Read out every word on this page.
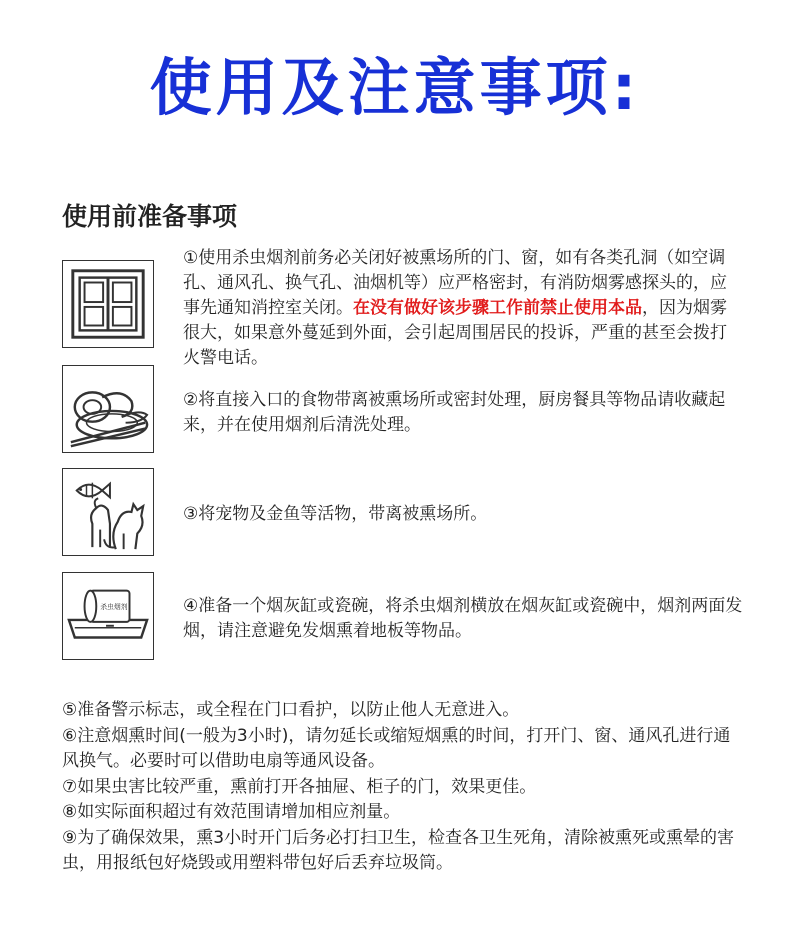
使用及注意事项:
使用前准备事项
①使用杀虫烟剂前务必关闭好被熏场所的门、窗，如有各类孔洞（如空调孔、通风孔、换气孔、油烟机等）应严格密封，有消防烟雾感探头的，应事先通知消控室关闭。在没有做好该步骤工作前禁止使用本品，因为烟雾很大，如果意外蔓延到外面，会引起周围居民的投诉，严重的甚至会拨打火警电话。
②将直接入口的食物带离被熏场所或密封处理，厨房餐具等物品请收藏起来，并在使用烟剂后清洗处理。
③将宠物及金鱼等活物，带离被熏场所。
杀虫烟剂	④准备一个烟灰缸或瓷碗，将杀虫烟剂横放在烟灰缸或瓷碗中，烟剂两面发烟，请注意避免发烟熏着地板等物品。
⑤准备警示标志，或全程在门口看护，以防止他人无意进入。
⑥注意烟熏时间(一般为3小时)，请勿延长或缩短烟熏的时间，打开门、窗、通风孔进行通风换气。必要时可以借助电扇等通风设备。
⑦如果虫害比较严重，熏前打开各抽屉、柜子的门，效果更佳。
⑧如实际面积超过有效范围请增加相应剂量。
⑨为了确保效果，熏3小时开门后务必打扫卫生，检查各卫生死角，清除被熏死或熏晕的害虫，用报纸包好烧毁或用塑料带包好后丢弃垃圾筒。
